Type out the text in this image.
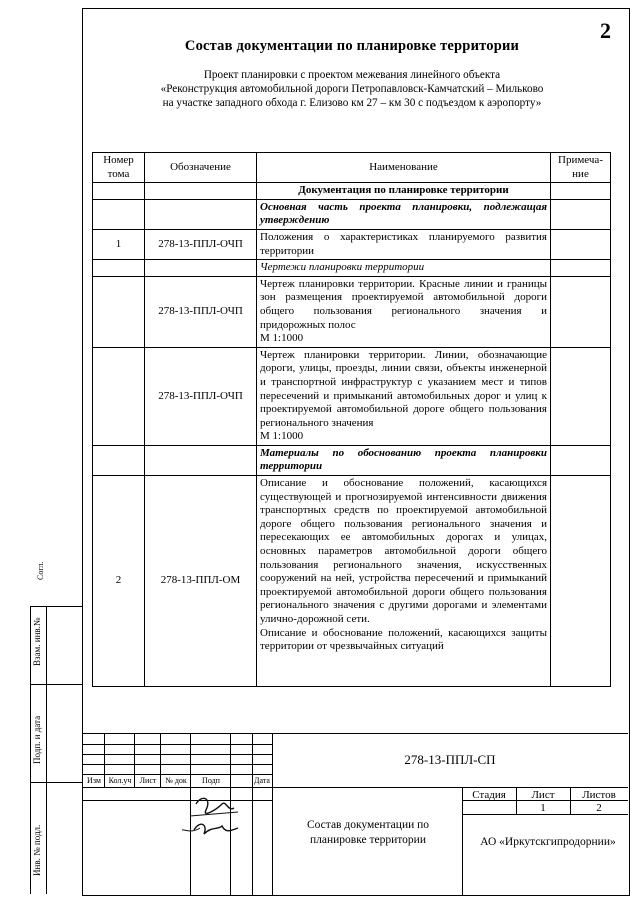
2
Состав документации по планировке территории
Проект планировки с проектом межевания линейного объекта
«Реконструкция автомобильной дороги Петропавловск-Камчатский – Мильково
на участке западного обхода г. Елизово км 27 – км 30 с подъездом к аэропорту»
Номер тома	Обозначение	Наименование	Примеча-ние
		Документация по планировке территории	
		Основная часть проекта планировки, подлежащая утверждению	
1	278-13-ППЛ-ОЧП	Положения о характеристиках планируемого развития территории	
		Чертежи планировки территории	
	278-13-ППЛ-ОЧП	Чертеж планировки территории. Красные линии и границы зон размещения проектируемой автомобильной дороги общего пользования регионального значения и придорожных полос
М 1:1000	

	278-13-ППЛ-ОЧП	Чертеж планировки территории. Линии, обозначающие дороги, улицы, проезды, линии связи, объекты инженерной и транспортной инфраструктур с указанием мест и типов пересечений и примыканий автомобильных дорог и улиц к проектируемой автомобильной дороге общего пользования регионального значения
М 1:1000	

		Материалы по обоснованию проекта планировки территории	
2	278-13-ППЛ-ОМ	Описание и обоснование положений, касающихся существующей и прогнозируемой интенсивности движения транспортных средств по проектируемой автомобильной дороге общего пользования регионального значения и пересекающих ее автомобильных дорогах и улицах, основных параметров автомобильной дороги общего пользования регионального значения, искусственных сооружений на ней, устройства пересечений и примыканий проектируемой автомобильной дороги общего пользования регионального значения с другими дорогами и элементами улично-дорожной сети.
Описание и обоснование положений, касающихся защиты территории от чрезвычайных ситуаций	

Взам. инв.№
Подп. и дата
Инв. № подл.
Согл.
Изм Кол.уч	Лист	№ док	Подп	Дата
278-13-ППЛ-СП
Стадия	Лист	Листов
1	2
Состав документации по планировке территории	АО «Иркутскгипродорнии»
